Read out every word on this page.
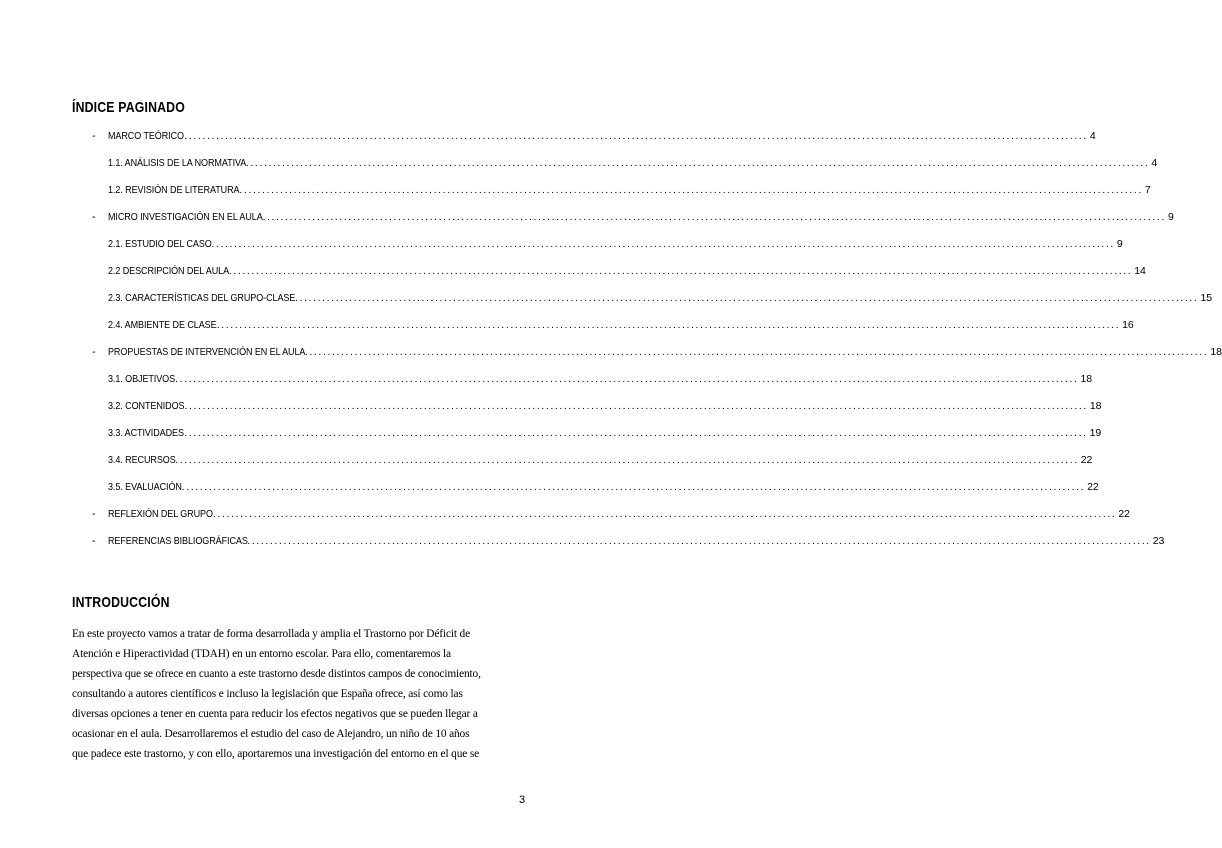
ÍNDICE PAGINADO
- MARCO TEÓRICO ........................................................................................................................................................................................................ 4
1.1. ANÁLISIS DE LA NORMATIVA ........................................................................................................................................................................................................ 4
1.2. REVISIÓN DE LITERATURA ........................................................................................................................................................................................................ 7
- MICRO INVESTIGACIÓN EN EL AULA ........................................................................................................................................................................................................ 9
2.1. ESTUDIO DEL CASO ........................................................................................................................................................................................................ 9
2.2 DESCRIPCIÓN DEL AULA ........................................................................................................................................................................................................ 14
2.3. CARACTERÍSTICAS DEL GRUPO-CLASE ........................................................................................................................................................................................................ 15
2.4. AMBIENTE DE CLASE ........................................................................................................................................................................................................ 16
- PROPUESTAS DE INTERVENCIÓN EN EL AULA ........................................................................................................................................................................................................ 18
3.1. OBJETIVOS ........................................................................................................................................................................................................ 18
3.2. CONTENIDOS ........................................................................................................................................................................................................ 18
3.3. ACTIVIDADES ........................................................................................................................................................................................................ 19
3.4. RECURSOS ........................................................................................................................................................................................................ 22
3.5. EVALUACIÓN ........................................................................................................................................................................................................ 22
- REFLEXIÓN DEL GRUPO ........................................................................................................................................................................................................ 22
- REFERENCIAS BIBLIOGRÁFICAS ........................................................................................................................................................................................................ 23
INTRODUCCIÓN
En este proyecto vamos a tratar de forma desarrollada y amplia el Trastorno por Déficit de
Atención e Hiperactividad (TDAH) en un entorno escolar. Para ello, comentaremos la
perspectiva que se ofrece en cuanto a este trastorno desde distintos campos de conocimiento,
consultando a autores científicos e incluso la legislación que España ofrece, así como las
diversas opciones a tener en cuenta para reducir los efectos negativos que se pueden llegar a
ocasionar en el aula. Desarrollaremos el estudio del caso de Alejandro, un niño de 10 años
que padece este trastorno, y con ello, aportaremos una investigación del entorno en el que se
3
